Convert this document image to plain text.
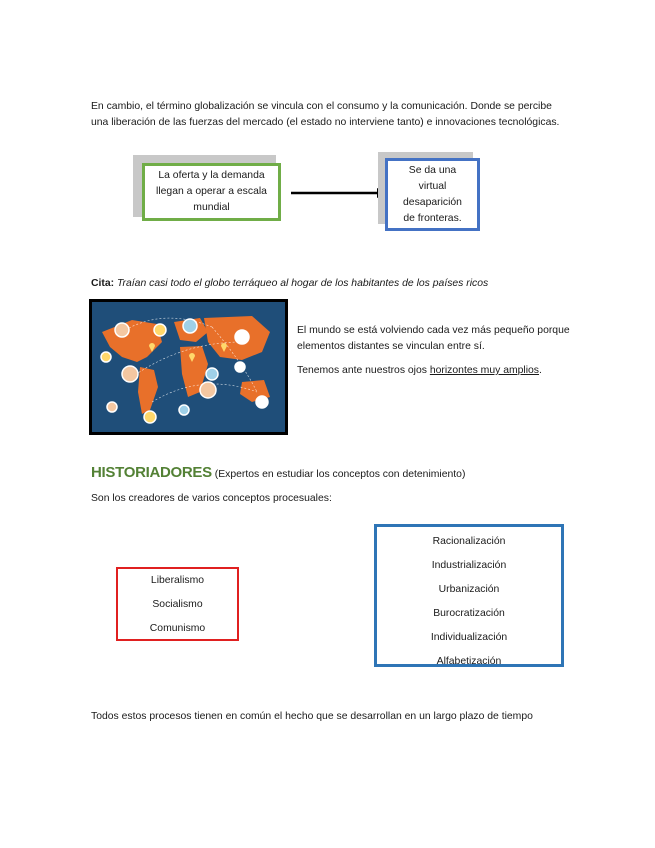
En cambio, el término globalización se vincula con el consumo y la comunicación. Donde se percibe una liberación de las fuerzas del mercado (el estado no interviene tanto) e innovaciones tecnológicas.

La oferta y la demanda llegan a operar a escala mundial
Se da una virtual desaparición de fronteras.
Cita: Traían casi todo el globo terráqueo al hogar de los habitantes de los países ricos

El mundo se está volviendo cada vez más pequeño porque elementos distantes se vinculan entre sí.

Tenemos ante nuestros ojos horizontes muy amplios.

HISTORIADORES (Expertos en estudiar los conceptos con detenimiento)

Son los creadores de varios conceptos procesuales:

Racionalización
Industrialización
Urbanización
Burocratización
Individualización
Alfabetización
Liberalismo
Socialismo
Comunismo

Todos estos procesos tienen en común el hecho que se desarrollan en un largo plazo de tiempo
